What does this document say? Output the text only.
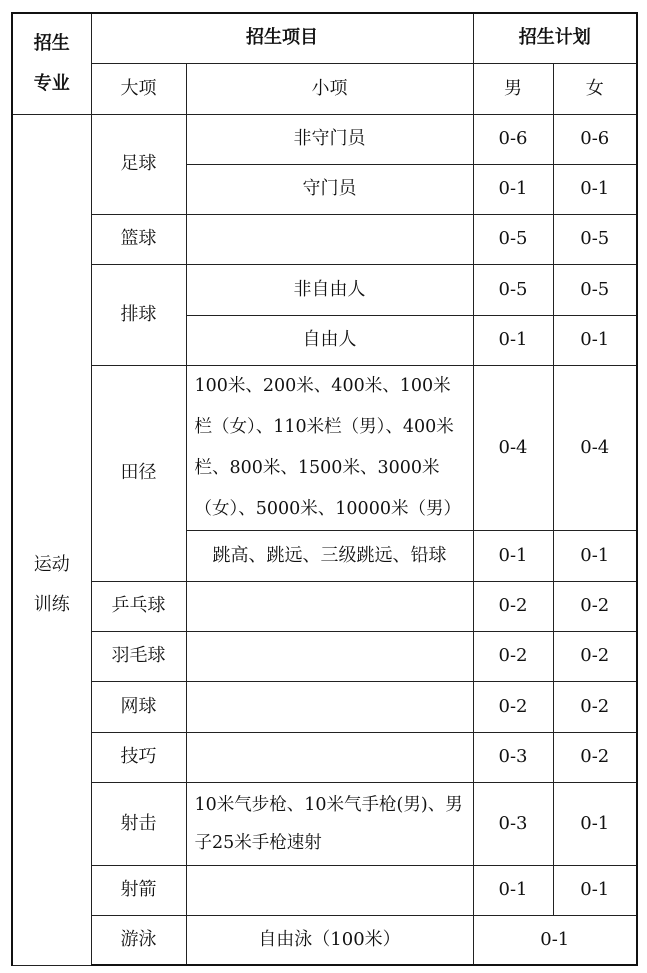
招生
专业	招生项目		招生计划	
	大项	小项	男	女

运动
训练	足球	非守门员	0-6	0-6
		守门员	0-1	0-1
	篮球		0-5	0-5
	排球	非自由人	0-5	0-5
		自由人	0-1	0-1
	田径	100米、200米、400米、100米栏（女）、110米栏（男）、400米栏、800米、1500米、3000米（女）、5000米、10000米（男）	0-4	0-4
		跳高、跳远、三级跳远、铅球	0-1	0-1
	乒乓球		0-2	0-2
	羽毛球		0-2	0-2
	网球		0-2	0-2
	技巧		0-3	0-2
	射击	10米气步枪、10米气手枪(男)、男子25米手枪速射	0-3	0-1
	射箭		0-1	0-1
	游泳	自由泳（100米）	0-1	
